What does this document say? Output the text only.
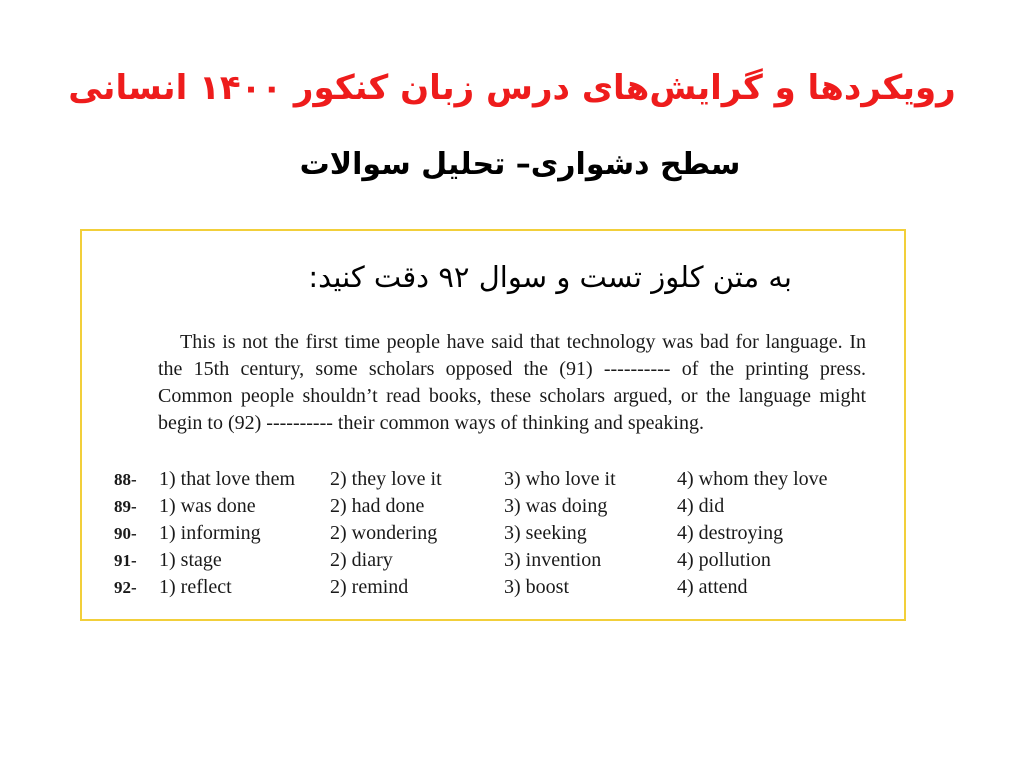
رویکردها و گرایش‌های درس زبان کنکور ۱۴۰۰ انسانی
سطح دشواری– تحلیل سوالات
به متن کلوز تست و سوال ۹۲ دقت کنید:
This is not the first time people have said that technology was bad for language. In the 15th century, some scholars opposed the (91) ---------- of the printing press. Common people shouldn’t read books, these scholars argued, or the language might begin to (92) ---------- their common ways of thinking and speaking.
88- 1) that love them 2) they love it	3) who love it	4) whom they love
89- 1) was done	2) had done	3) was doing	4) did
90- 1) informing	2) wondering	3) seeking	4) destroying
91- 1) stage	2) diary	3) invention	4) pollution
92- 1) reflect	2) remind	3) boost	4) attend
